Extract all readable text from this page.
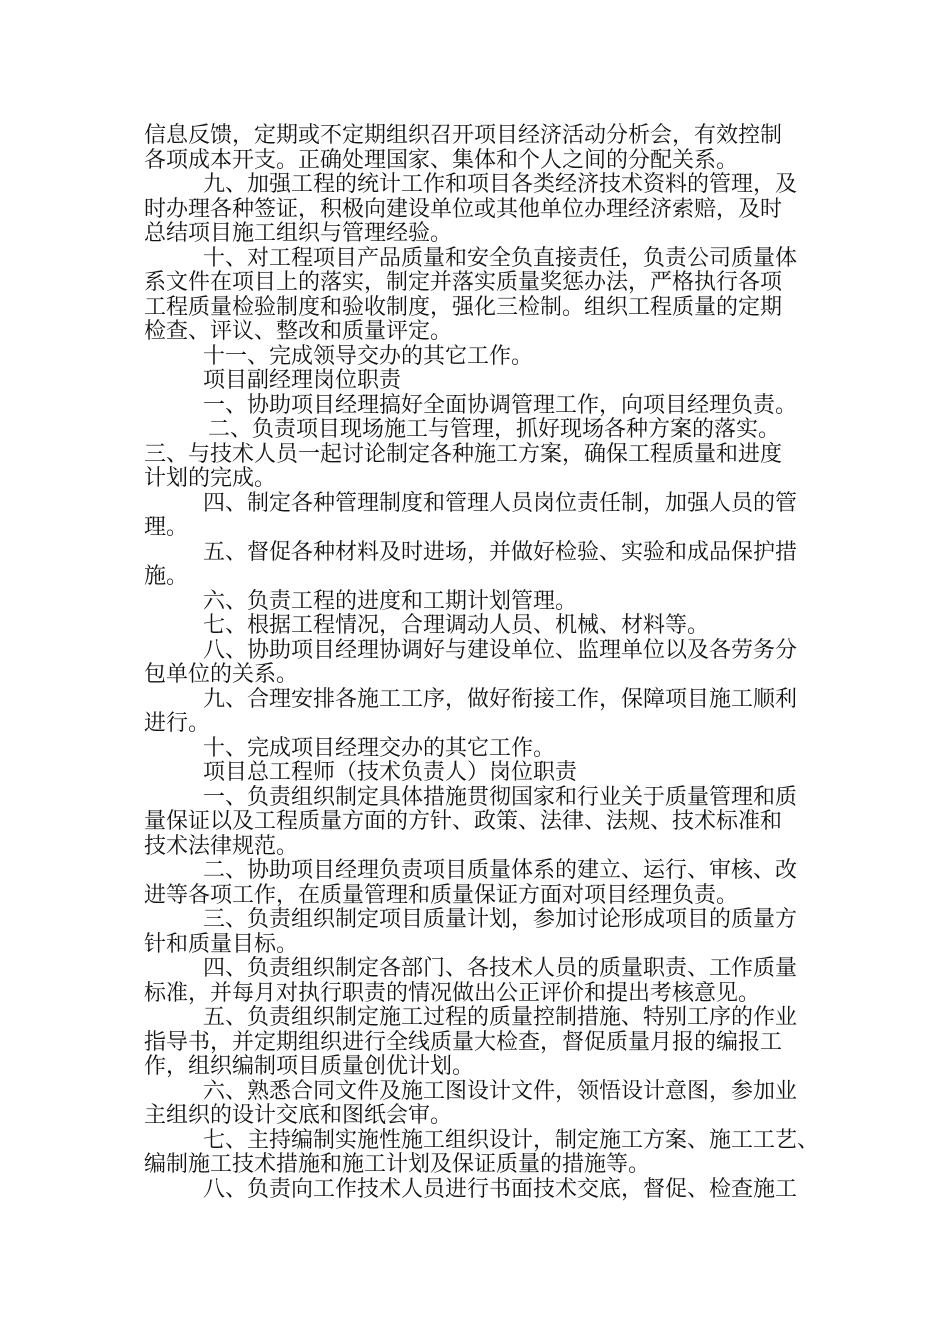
信息反馈，定期或不定期组织召开项目经济活动分析会，有效控制
各项成本开支。正确处理国家、集体和个人之间的分配关系。
九、加强工程的统计工作和项目各类经济技术资料的管理，及
时办理各种签证，积极向建设单位或其他单位办理经济索赔，及时
总结项目施工组织与管理经验。
十、对工程项目产品质量和安全负直接责任，负责公司质量体
系文件在项目上的落实，制定并落实质量奖惩办法，严格执行各项
工程质量检验制度和验收制度，强化三检制。组织工程质量的定期
检查、评议、整改和质量评定。
十一、完成领导交办的其它工作。
项目副经理岗位职责
一、协助项目经理搞好全面协调管理工作，向项目经理负责。
二、负责项目现场施工与管理，抓好现场各种方案的落实。
三、与技术人员一起讨论制定各种施工方案，确保工程质量和进度
计划的完成。
四、制定各种管理制度和管理人员岗位责任制，加强人员的管
理。
五、督促各种材料及时进场，并做好检验、实验和成品保护措
施。
六、负责工程的进度和工期计划管理。
七、根据工程情况，合理调动人员、机械、材料等。
八、协助项目经理协调好与建设单位、监理单位以及各劳务分
包单位的关系。
九、合理安排各施工工序，做好衔接工作，保障项目施工顺利
进行。
十、完成项目经理交办的其它工作。
项目总工程师（技术负责人）岗位职责
一、负责组织制定具体措施贯彻国家和行业关于质量管理和质
量保证以及工程质量方面的方针、政策、法律、法规、技术标准和
技术法律规范。
二、协助项目经理负责项目质量体系的建立、运行、审核、改
进等各项工作，在质量管理和质量保证方面对项目经理负责。
三、负责组织制定项目质量计划，参加讨论形成项目的质量方
针和质量目标。
四、负责组织制定各部门、各技术人员的质量职责、工作质量
标准，并每月对执行职责的情况做出公正评价和提出考核意见。
五、负责组织制定施工过程的质量控制措施、特别工序的作业
指导书，并定期组织进行全线质量大检查，督促质量月报的编报工
作，组织编制项目质量创优计划。
六、熟悉合同文件及施工图设计文件，领悟设计意图，参加业
主组织的设计交底和图纸会审。
七、主持编制实施性施工组织设计，制定施工方案、施工工艺、
编制施工技术措施和施工计划及保证质量的措施等。
八、负责向工作技术人员进行书面技术交底，督促、检查施工
